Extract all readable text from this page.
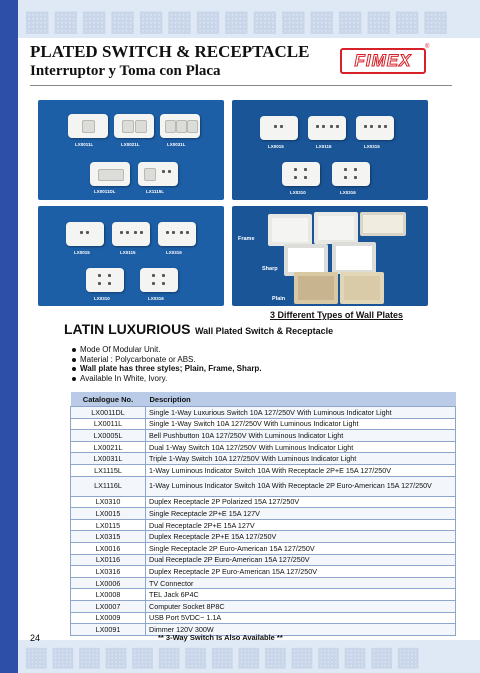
▦▦▦▦▦▦▦▦▦▦▦▦▦▦▦
▦▦▦▦▦▦▦▦▦▦▦▦▦▦▦
PLATED SWITCH & RECEPTACLE
Interruptor y Toma con Placa
FIMEX
®
LX0011L	LX0021L	LX0031L
LX0011DL	LX1115L
LX0015	LX0115	LX0315
LX0310	LX0316
LX0015	LX0115	LX0315
LX0310	LX0316
Frame
Sharp
Plain
3 Different Types of Wall Plates
LATIN LUXURIOUS Wall Plated Switch & Receptacle
Mode Of Modular Unit.
Material : Polycarbonate or ABS.
Wall plate has three styles; Plain, Frame, Sharp.
Available In White, Ivory.
Catalogue No.	Description
LX0011DL	Single 1-Way Luxurious Switch 10A 127/250V With Luminous Indicator Light
LX0011L	Single 1-Way Switch 10A 127/250V With Luminous Indicator Light
LX0005L	Bell Pushbutton 10A 127/250V With Luminous Indicator Light
LX0021L	Dual 1-Way Switch 10A 127/250V With Luminous Indicator Light
LX0031L	Triple 1-Way Switch 10A 127/250V With Luminous Indicator Light
LX1115L	1-Way Luminous Indicator Switch 10A With Receptacle 2P+E 15A 127/250V
LX1116L	1-Way Luminous Indicator Switch 10A With Receptacle 2P Euro-American 15A 127/250V
LX0310	Duplex Receptacle 2P Polarized 15A 127/250V
LX0015	Single Receptacle 2P+E 15A 127V
LX0115	Dual Receptacle 2P+E 15A 127V
LX0315	Duplex Receptacle 2P+E 15A 127/250V
LX0016	Single Receptacle 2P Euro-American 15A 127/250V
LX0116	Dual Receptacle 2P Euro-American 15A 127/250V
LX0316	Duplex Receptacle 2P Euro-American 15A 127/250V
LX0006	TV Connector
LX0008	TEL Jack 6P4C
LX0007	Computer Socket 8P8C
LX0009	USB Port 5VDC~ 1.1A
LX0091	Dimmer 120V 300W
24	** 3-Way Switch Is Also Available **
